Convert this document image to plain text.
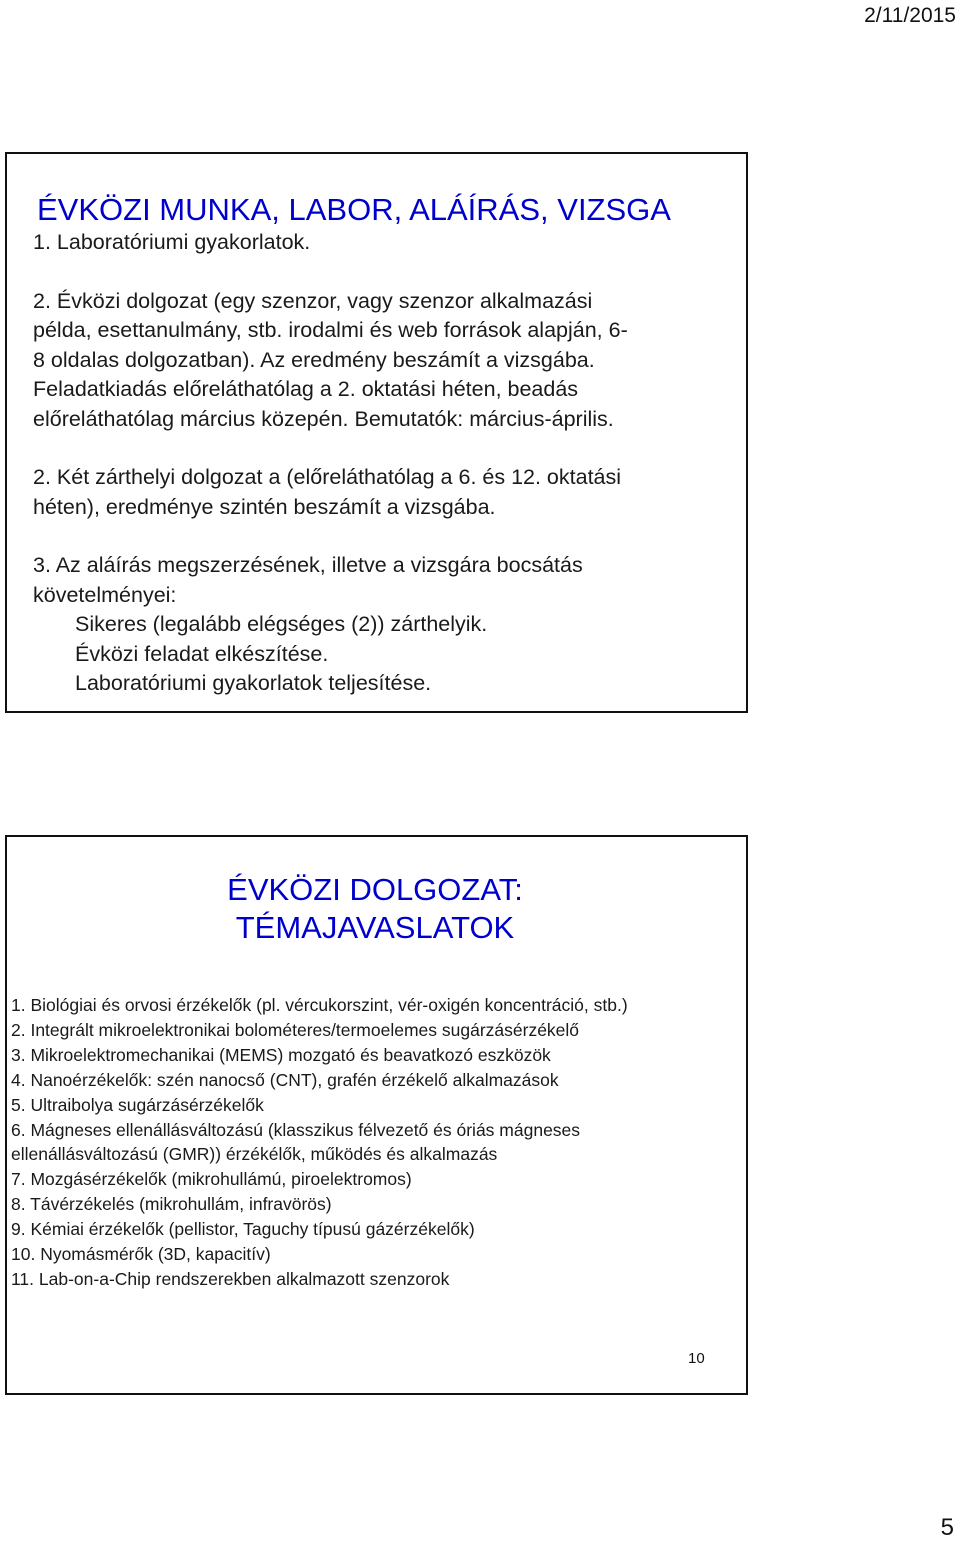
2/11/2015
ÉVKÖZI MUNKA, LABOR, ALÁÍRÁS, VIZSGA

1. Laboratóriumi gyakorlatok.

2. Évközi dolgozat (egy szenzor, vagy szenzor alkalmazási

példa, esettanulmány, stb. irodalmi és web források alapján, 6-

8 oldalas dolgozatban). Az eredmény beszámít a vizsgába.

Feladatkiadás előreláthatólag a 2. oktatási héten, beadás

előreláthatólag március közepén. Bemutatók: március-április.

2. Két zárthelyi dolgozat a (előreláthatólag a 6. és 12. oktatási

héten), eredménye szintén beszámít a vizsgába.

3. Az aláírás megszerzésének, illetve a vizsgára bocsátás

követelményei:

Sikeres (legalább elégséges (2)) zárthelyik.

Évközi feladat elkészítése.

Laboratóriumi gyakorlatok teljesítése.

ÉVKÖZI DOLGOZAT:
TÉMAJAVASLATOK
1. Biológiai és orvosi érzékelők (pl. vércukorszint, vér-oxigén koncentráció, stb.)
2. Integrált mikroelektronikai bolométeres/termoelemes sugárzásérzékelő
3. Mikroelektromechanikai (MEMS) mozgató és beavatkozó eszközök
4. Nanoérzékelők: szén nanocső (CNT), grafén érzékelő alkalmazások
5. Ultraibolya sugárzásérzékelők
6. Mágneses ellenállásváltozású (klasszikus félvezető és óriás mágneses
ellenállásváltozású (GMR)) érzékélők, működés és alkalmazás
7. Mozgásérzékelők (mikrohullámú, piroelektromos)
8. Távérzékelés (mikrohullám, infravörös)
9. Kémiai érzékelők (pellistor, Taguchy típusú gázérzékelők)
10. Nyomásmérők (3D, kapacitív)
11. Lab-on-a-Chip rendszerekben alkalmazott szenzorok
10
5
